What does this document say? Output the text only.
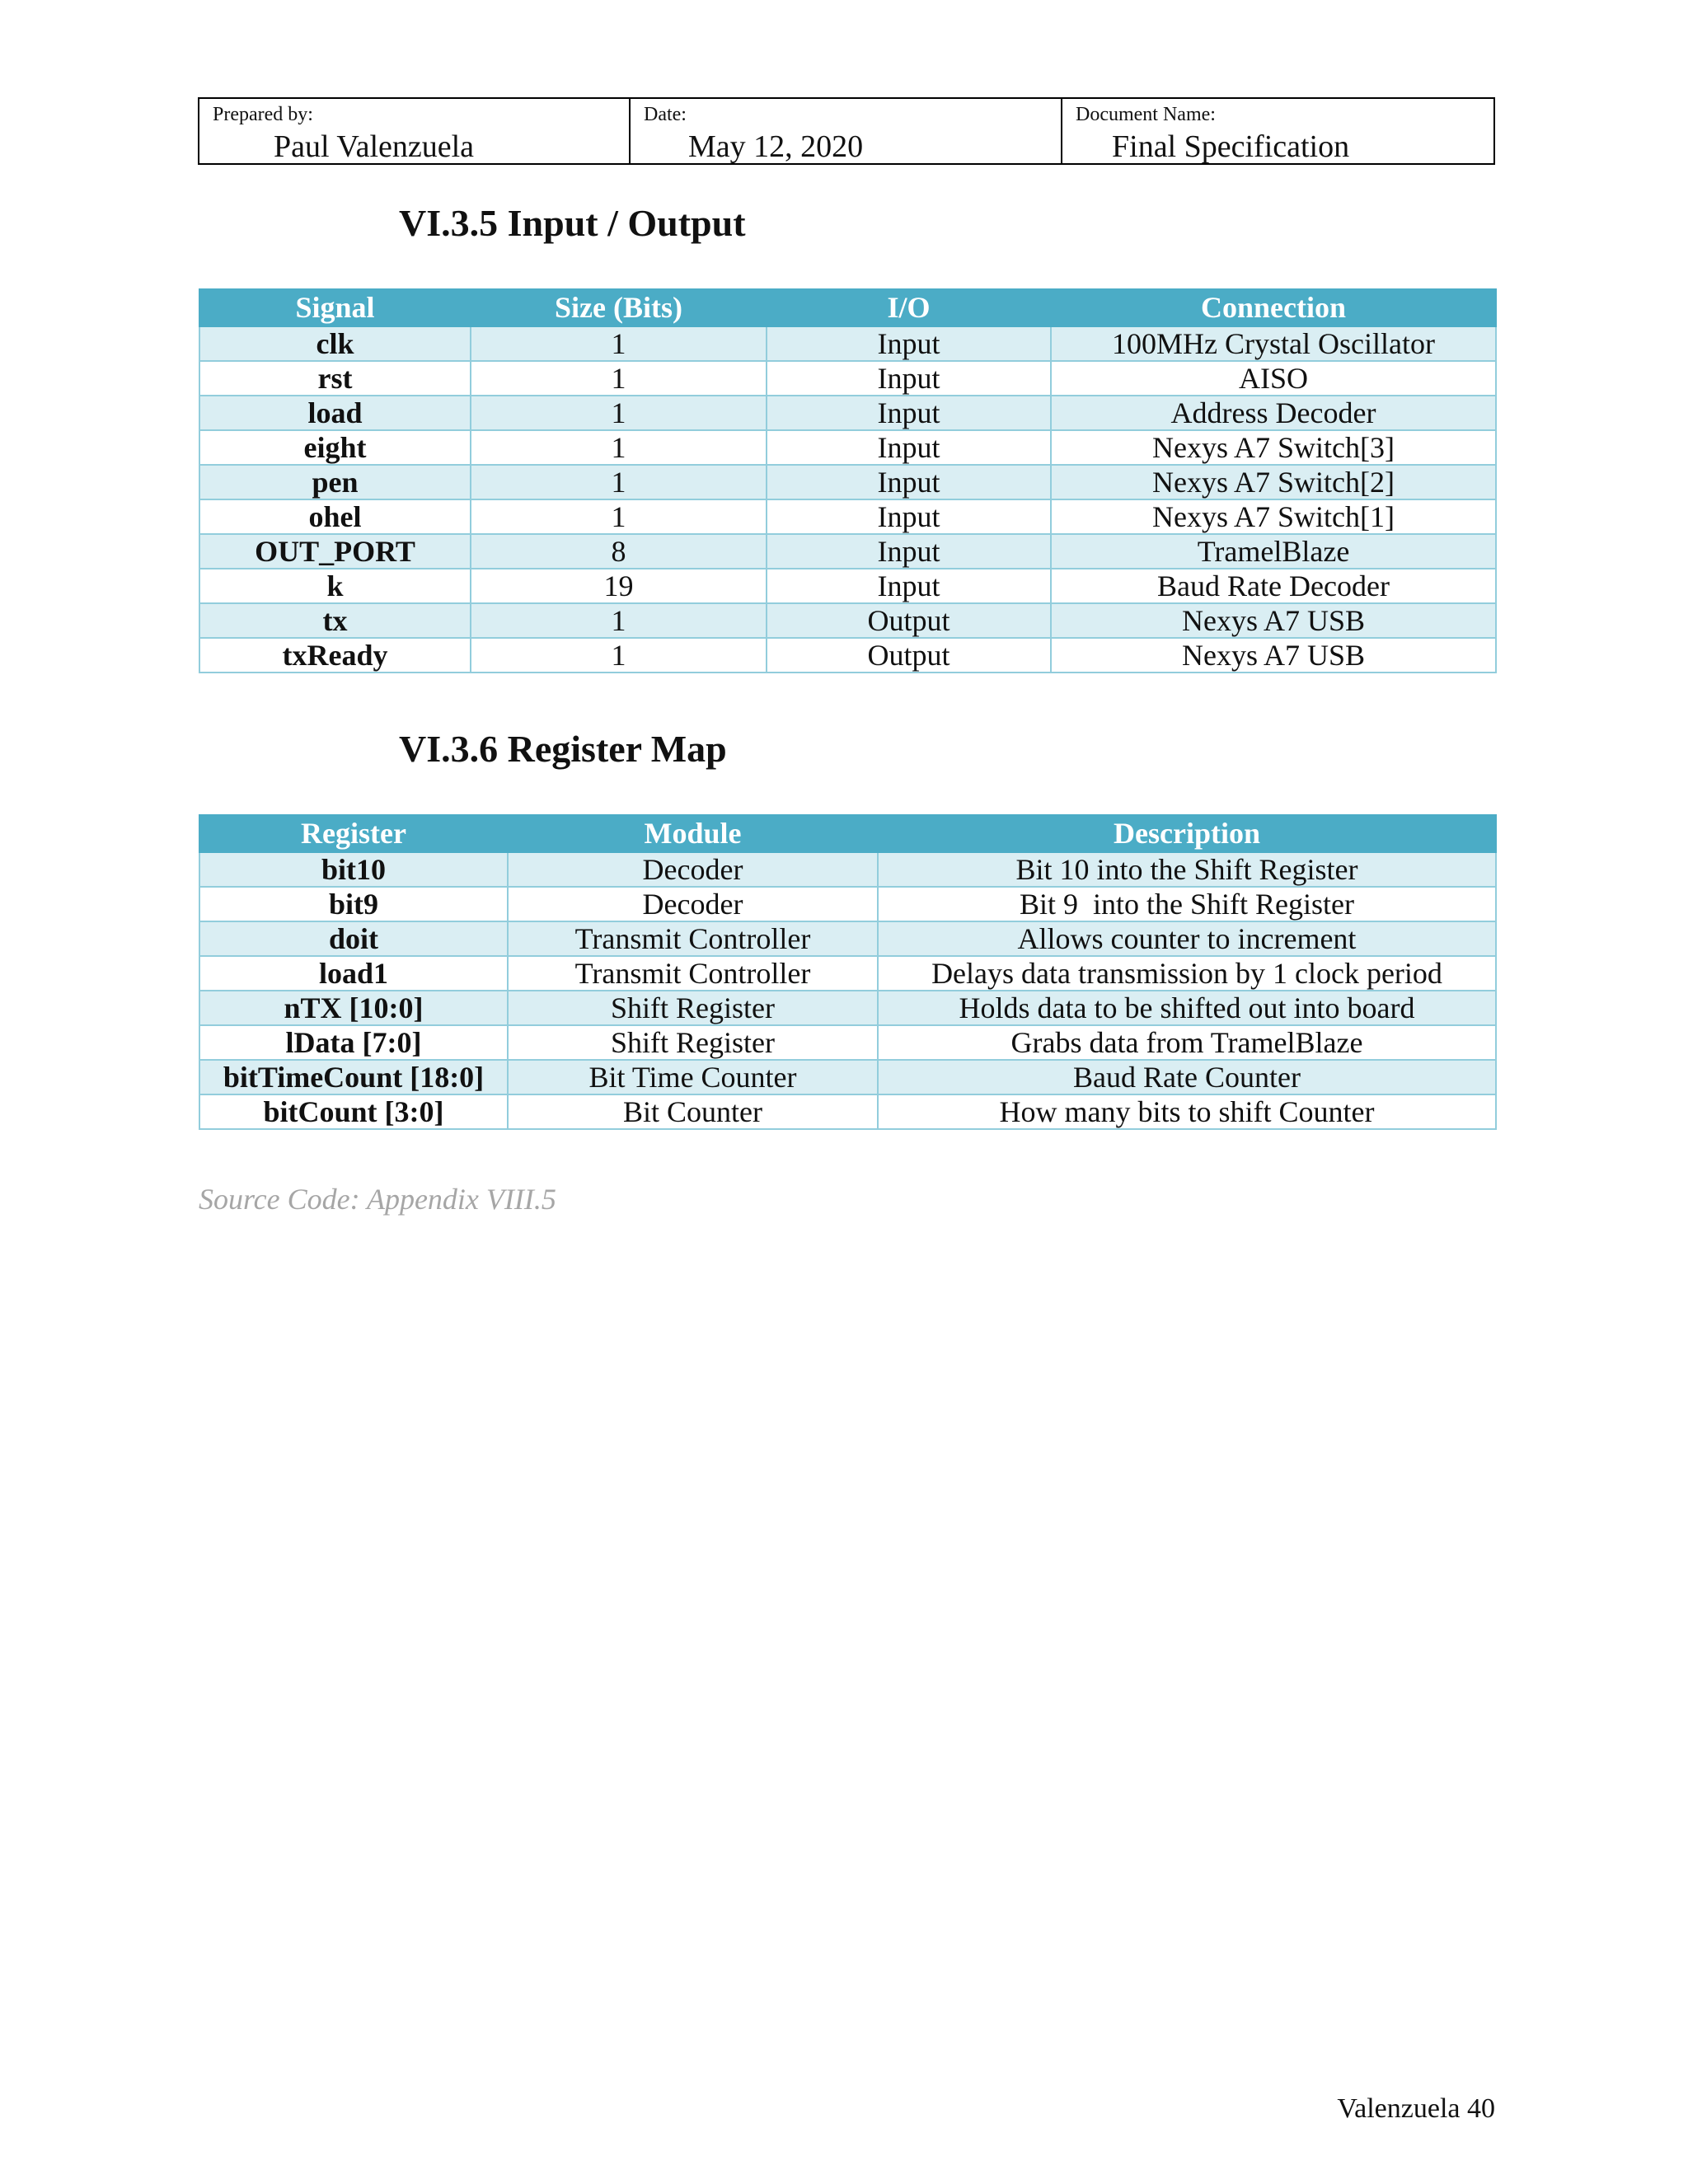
Prepared by:
Paul Valenzuela
Date:
May 12, 2020
Document Name:
Final Specification
VI.3.5 Input / Output
Signal	Size (Bits)	I/O	Connection
clk	1	Input	100MHz Crystal Oscillator
rst	1	Input	AISO
load	1	Input	Address Decoder
eight	1	Input	Nexys A7 Switch[3]
pen	1	Input	Nexys A7 Switch[2]
ohel	1	Input	Nexys A7 Switch[1]
OUT_PORT	8	Input	TramelBlaze
k	19	Input	Baud Rate Decoder
tx	1	Output	Nexys A7 USB
txReady	1	Output	Nexys A7 USB
VI.3.6 Register Map
Register	Module	Description
bit10	Decoder	Bit 10 into the Shift Register
bit9	Decoder	Bit 9  into the Shift Register
doit	Transmit Controller	Allows counter to increment
load1	Transmit Controller	Delays data transmission by 1 clock period
nTX [10:0]	Shift Register	Holds data to be shifted out into board
lData [7:0]	Shift Register	Grabs data from TramelBlaze
bitTimeCount [18:0]	Bit Time Counter	Baud Rate Counter
bitCount [3:0]	Bit Counter	How many bits to shift Counter
Source Code: Appendix VIII.5
Valenzuela 40
